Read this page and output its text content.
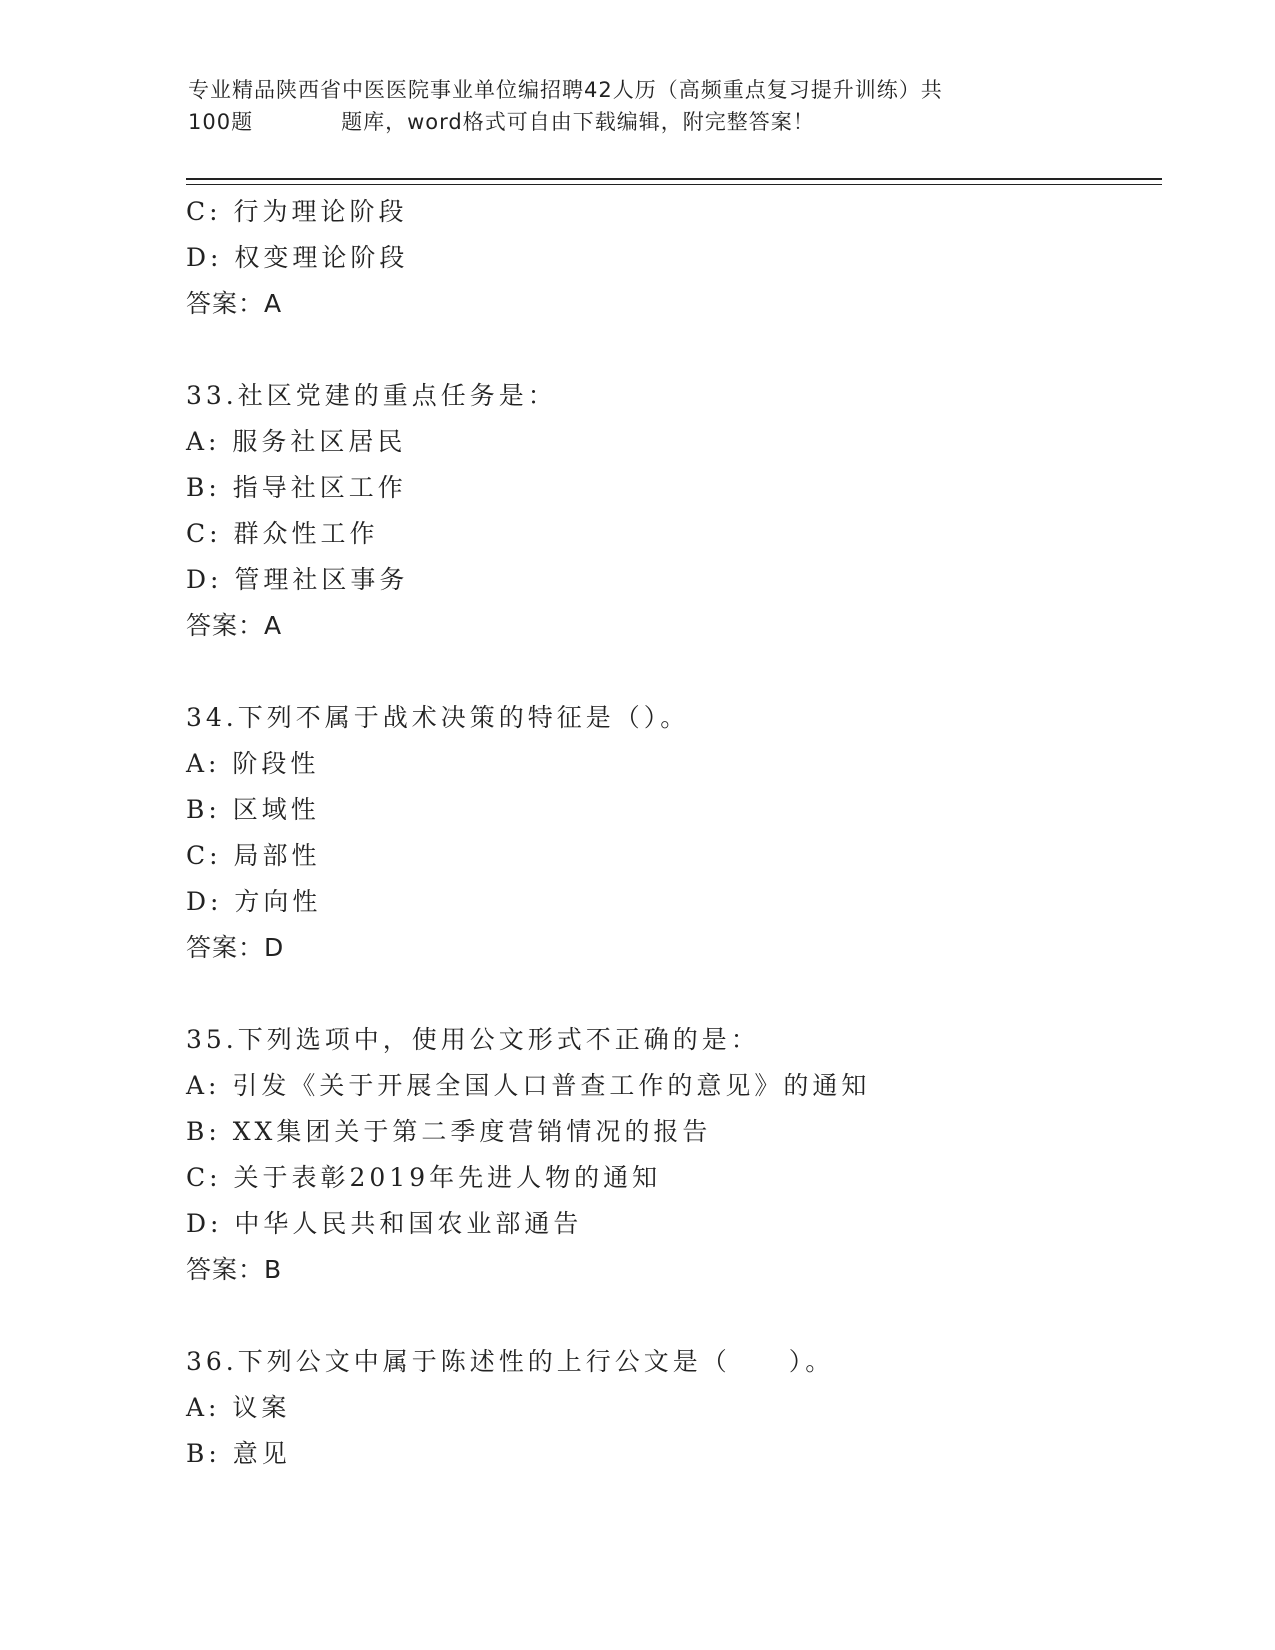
专业精品陕西省中医医院事业单位编招聘42人历（高频重点复习提升训练）共
100题　　　　题库，word格式可自由下载编辑，附完整答案！
C: 行为理论阶段
D: 权变理论阶段
答案：A
33.社区党建的重点任务是：
A: 服务社区居民
B: 指导社区工作
C: 群众性工作
D: 管理社区事务
答案：A
34.下列不属于战术决策的特征是（）。
A: 阶段性
B: 区域性
C: 局部性
D: 方向性
答案：D
35.下列选项中，使用公文形式不正确的是：
A: 引发《关于开展全国人口普查工作的意见》的通知
B: XX集团关于第二季度营销情况的报告
C: 关于表彰2019年先进人物的通知
D: 中华人民共和国农业部通告
答案：B
36.下列公文中属于陈述性的上行公文是（　　）。
A: 议案
B: 意见
